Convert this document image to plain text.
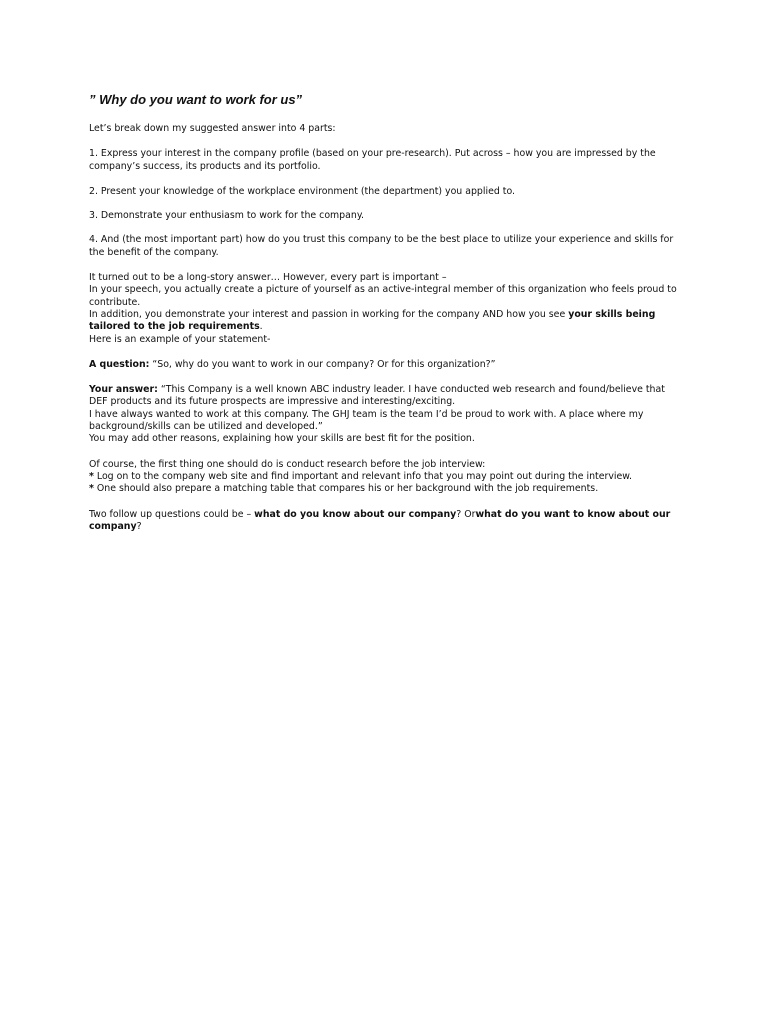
” Why do you want to work for us”
Let’s break down my suggested answer into 4 parts:
1. Express your interest in the company profile (based on your pre-research). Put across – how you are impressed by the company’s success, its products and its portfolio.
2. Present your knowledge of the workplace environment (the department) you applied to.
3. Demonstrate your enthusiasm to work for the company.
4. And (the most important part) how do you trust this company to be the best place to utilize your experience and skills for the benefit of the company.
It turned out to be a long-story answer… However, every part is important –
In your speech, you actually create a picture of yourself as an active-integral member of this organization who feels proud to contribute.
In addition, you demonstrate your interest and passion in working for the company AND how you see your skills being tailored to the job requirements.
Here is an example of your statement-
A question: “So, why do you want to work in our company? Or for this organization?”
Your answer: “This Company is a well known ABC industry leader. I have conducted web research and found/believe that DEF products and its future prospects are impressive and interesting/exciting.
I have always wanted to work at this company. The GHJ team is the team I’d be proud to work with. A place where my background/skills can be utilized and developed.”
You may add other reasons, explaining how your skills are best fit for the position.
Of course, the first thing one should do is conduct research before the job interview:
* Log on to the company web site and find important and relevant info that you may point out during the interview.
* One should also prepare a matching table that compares his or her background with the job requirements.
Two follow up questions could be – what do you know about our company? Orwhat do you want to know about our company?
